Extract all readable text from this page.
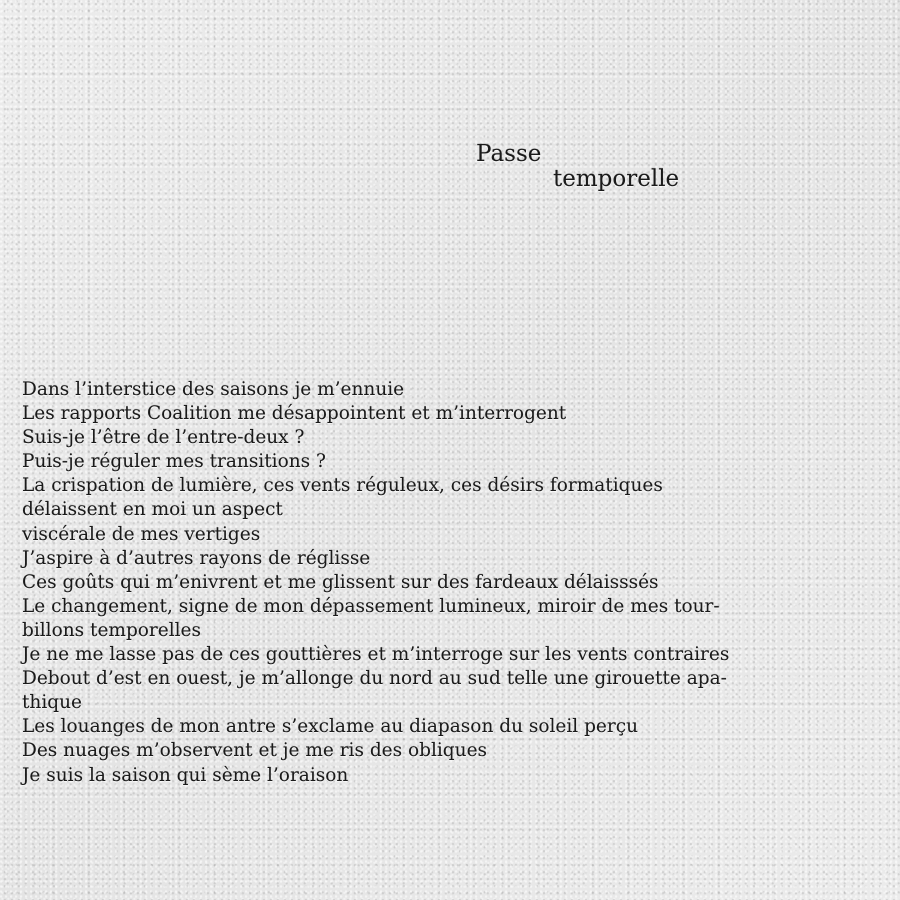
Passe
temporelle
Dans l’interstice des saisons je m’ennuie
Les rapports Coalition me désappointent et m’interrogent
Suis-je l’être de l’entre-deux ?
Puis-je réguler mes transitions ?
La crispation de lumière, ces vents réguleux, ces désirs formatiques
délaissent en moi un aspect
viscérale de mes vertiges
J’aspire à d’autres rayons de réglisse
Ces goûts qui m’enivrent et me glissent sur des fardeaux délaisssés
Le changement, signe de mon dépassement lumineux, miroir de mes tour-
billons temporelles
Je ne me lasse pas de ces gouttières et m’interroge sur les vents contraires
Debout d’est en ouest, je m’allonge du nord au sud telle une girouette apa-
thique
Les louanges de mon antre s’exclame au diapason du soleil perçu
Des nuages m’observent et je me ris des obliques
Je suis la saison qui sème l’oraison
